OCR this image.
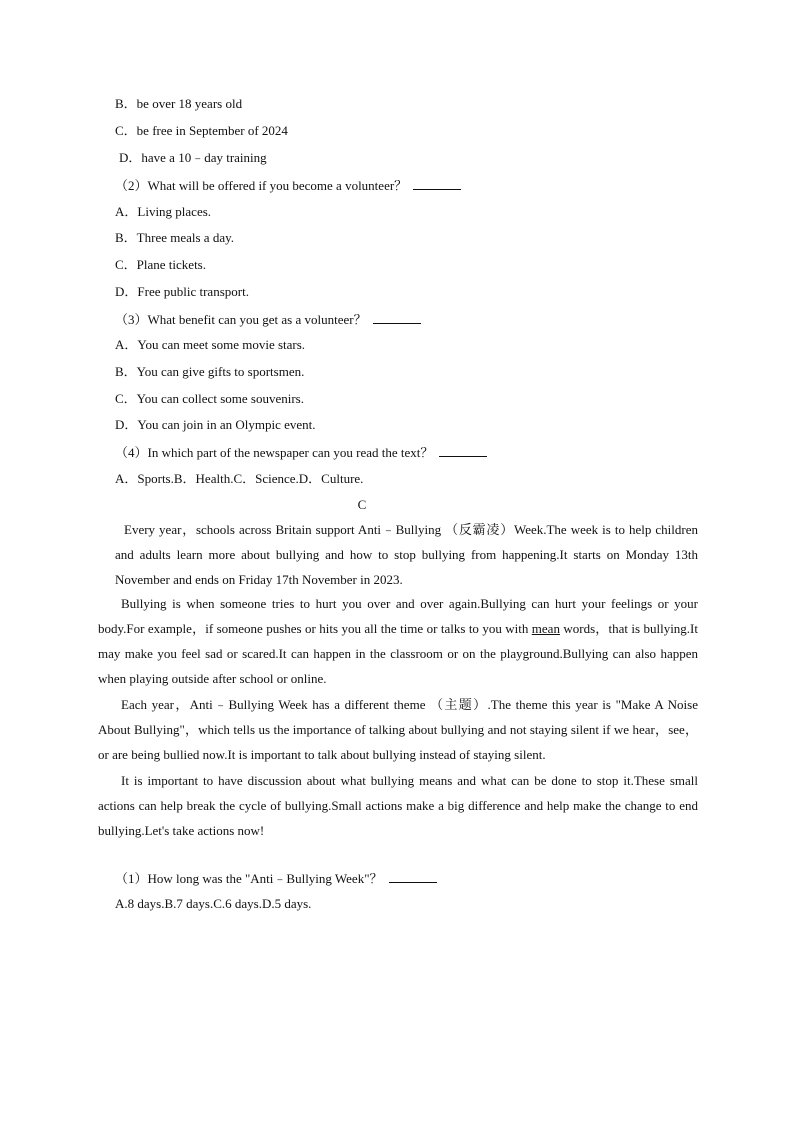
B．be over 18 years old
C．be free in September of 2024
D．have a 10﹣day training
（2）What will be offered if you become a volunteer？
A．Living places.
B．Three meals a day.
C．Plane tickets.
D．Free public transport.
（3）What benefit can you get as a volunteer？
A．You can meet some movie stars.
B．You can give gifts to sportsmen.
C．You can collect some souvenirs.
D．You can join in an Olympic event.
（4）In which part of the newspaper can you read the text？
A．Sports.B．Health.C．Science.D．Culture.
C
Every year，schools across Britain support Anti﹣Bullying （反霸凌）Week.The week is to help children and adults learn more about bullying and how to stop bullying from happening.It starts on Monday 13th November and ends on Friday 17th November in 2023.
Bullying is when someone tries to hurt you over and over again.Bullying can hurt your feelings or your body.For example，if someone pushes or hits you all the time or talks to you with mean words，that is bullying.It may make you feel sad or scared.It can happen in the classroom or on the playground.Bullying can also happen when playing outside after school or online.
Each year，Anti﹣Bullying Week has a different theme （主题）.The theme this year is "Make A Noise About Bullying"，which tells us the importance of talking about bullying and not staying silent if we hear，see，or are being bullied now.It is important to talk about bullying instead of staying silent.
It is important to have discussion about what bullying means and what can be done to stop it.These small actions can help break the cycle of bullying.Small actions make a big difference and help make the change to end bullying.Let's take actions now!
（1）How long was the "Anti﹣Bullying Week"？
A.8 days.B.7 days.C.6 days.D.5 days.
